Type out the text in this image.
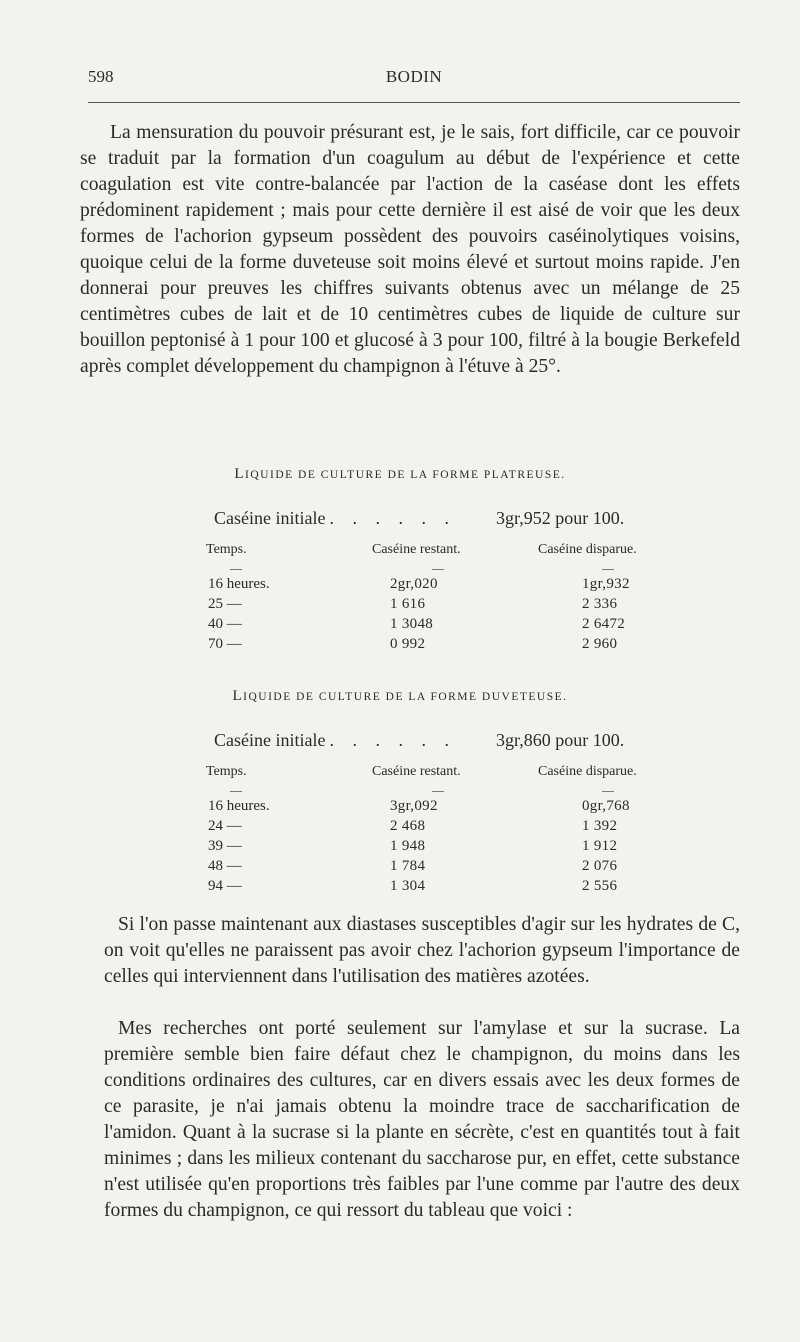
598	BODIN

La mensuration du pouvoir présurant est, je le sais, fort difficile, car ce pouvoir se traduit par la formation d'un coagulum au début de l'expérience et cette coagulation est vite contre-balancée par l'action de la caséase dont les effets prédominent rapidement ; mais pour cette dernière il est aisé de voir que les deux formes de l'achorion gypseum possèdent des pouvoirs caséinolytiques voisins, quoique celui de la forme duveteuse soit moins élevé et surtout moins rapide. J'en donnerai pour preuves les chiffres suivants obtenus avec un mélange de 25 centimètres cubes de lait et de 10 centimètres cubes de liquide de culture sur bouillon peptonisé à 1 pour 100 et glucosé à 3 pour 100, filtré à la bougie Berkefeld après complet développement du champignon à l'étuve à 25°.

LIQUIDE DE CULTURE DE LA FORME PLATREUSE.
Caséine initiale . . . . . . 3gr,952 pour 100.
Temps.	Caséine restant.	Caséine disparue.
—	—	—
16 heures.	2gr,020	1gr,932
25 —	1 616	2 336
40 —	1 3048	2 6472
70 —	0 992	2 960
LIQUIDE DE CULTURE DE LA FORME DUVETEUSE.
Caséine initiale . . . . . . 3gr,860 pour 100.
Temps.	Caséine restant.	Caséine disparue.
—	—	—
16 heures.	3gr,092	0gr,768
24 —	2 468	1 392
39 —	1 948	1 912
48 —	1 784	2 076
94 —	1 304	2 556

Si l'on passe maintenant aux diastases susceptibles d'agir sur les hydrates de C, on voit qu'elles ne paraissent pas avoir chez l'achorion gypseum l'importance de celles qui interviennent dans l'utilisation des matières azotées.

Mes recherches ont porté seulement sur l'amylase et sur la sucrase. La première semble bien faire défaut chez le champignon, du moins dans les conditions ordinaires des cultures, car en divers essais avec les deux formes de ce parasite, je n'ai jamais obtenu la moindre trace de saccharification de l'amidon. Quant à la sucrase si la plante en sécrète, c'est en quantités tout à fait minimes ; dans les milieux contenant du saccharose pur, en effet, cette substance n'est utilisée qu'en proportions très faibles par l'une comme par l'autre des deux formes du champignon, ce qui ressort du tableau que voici :
